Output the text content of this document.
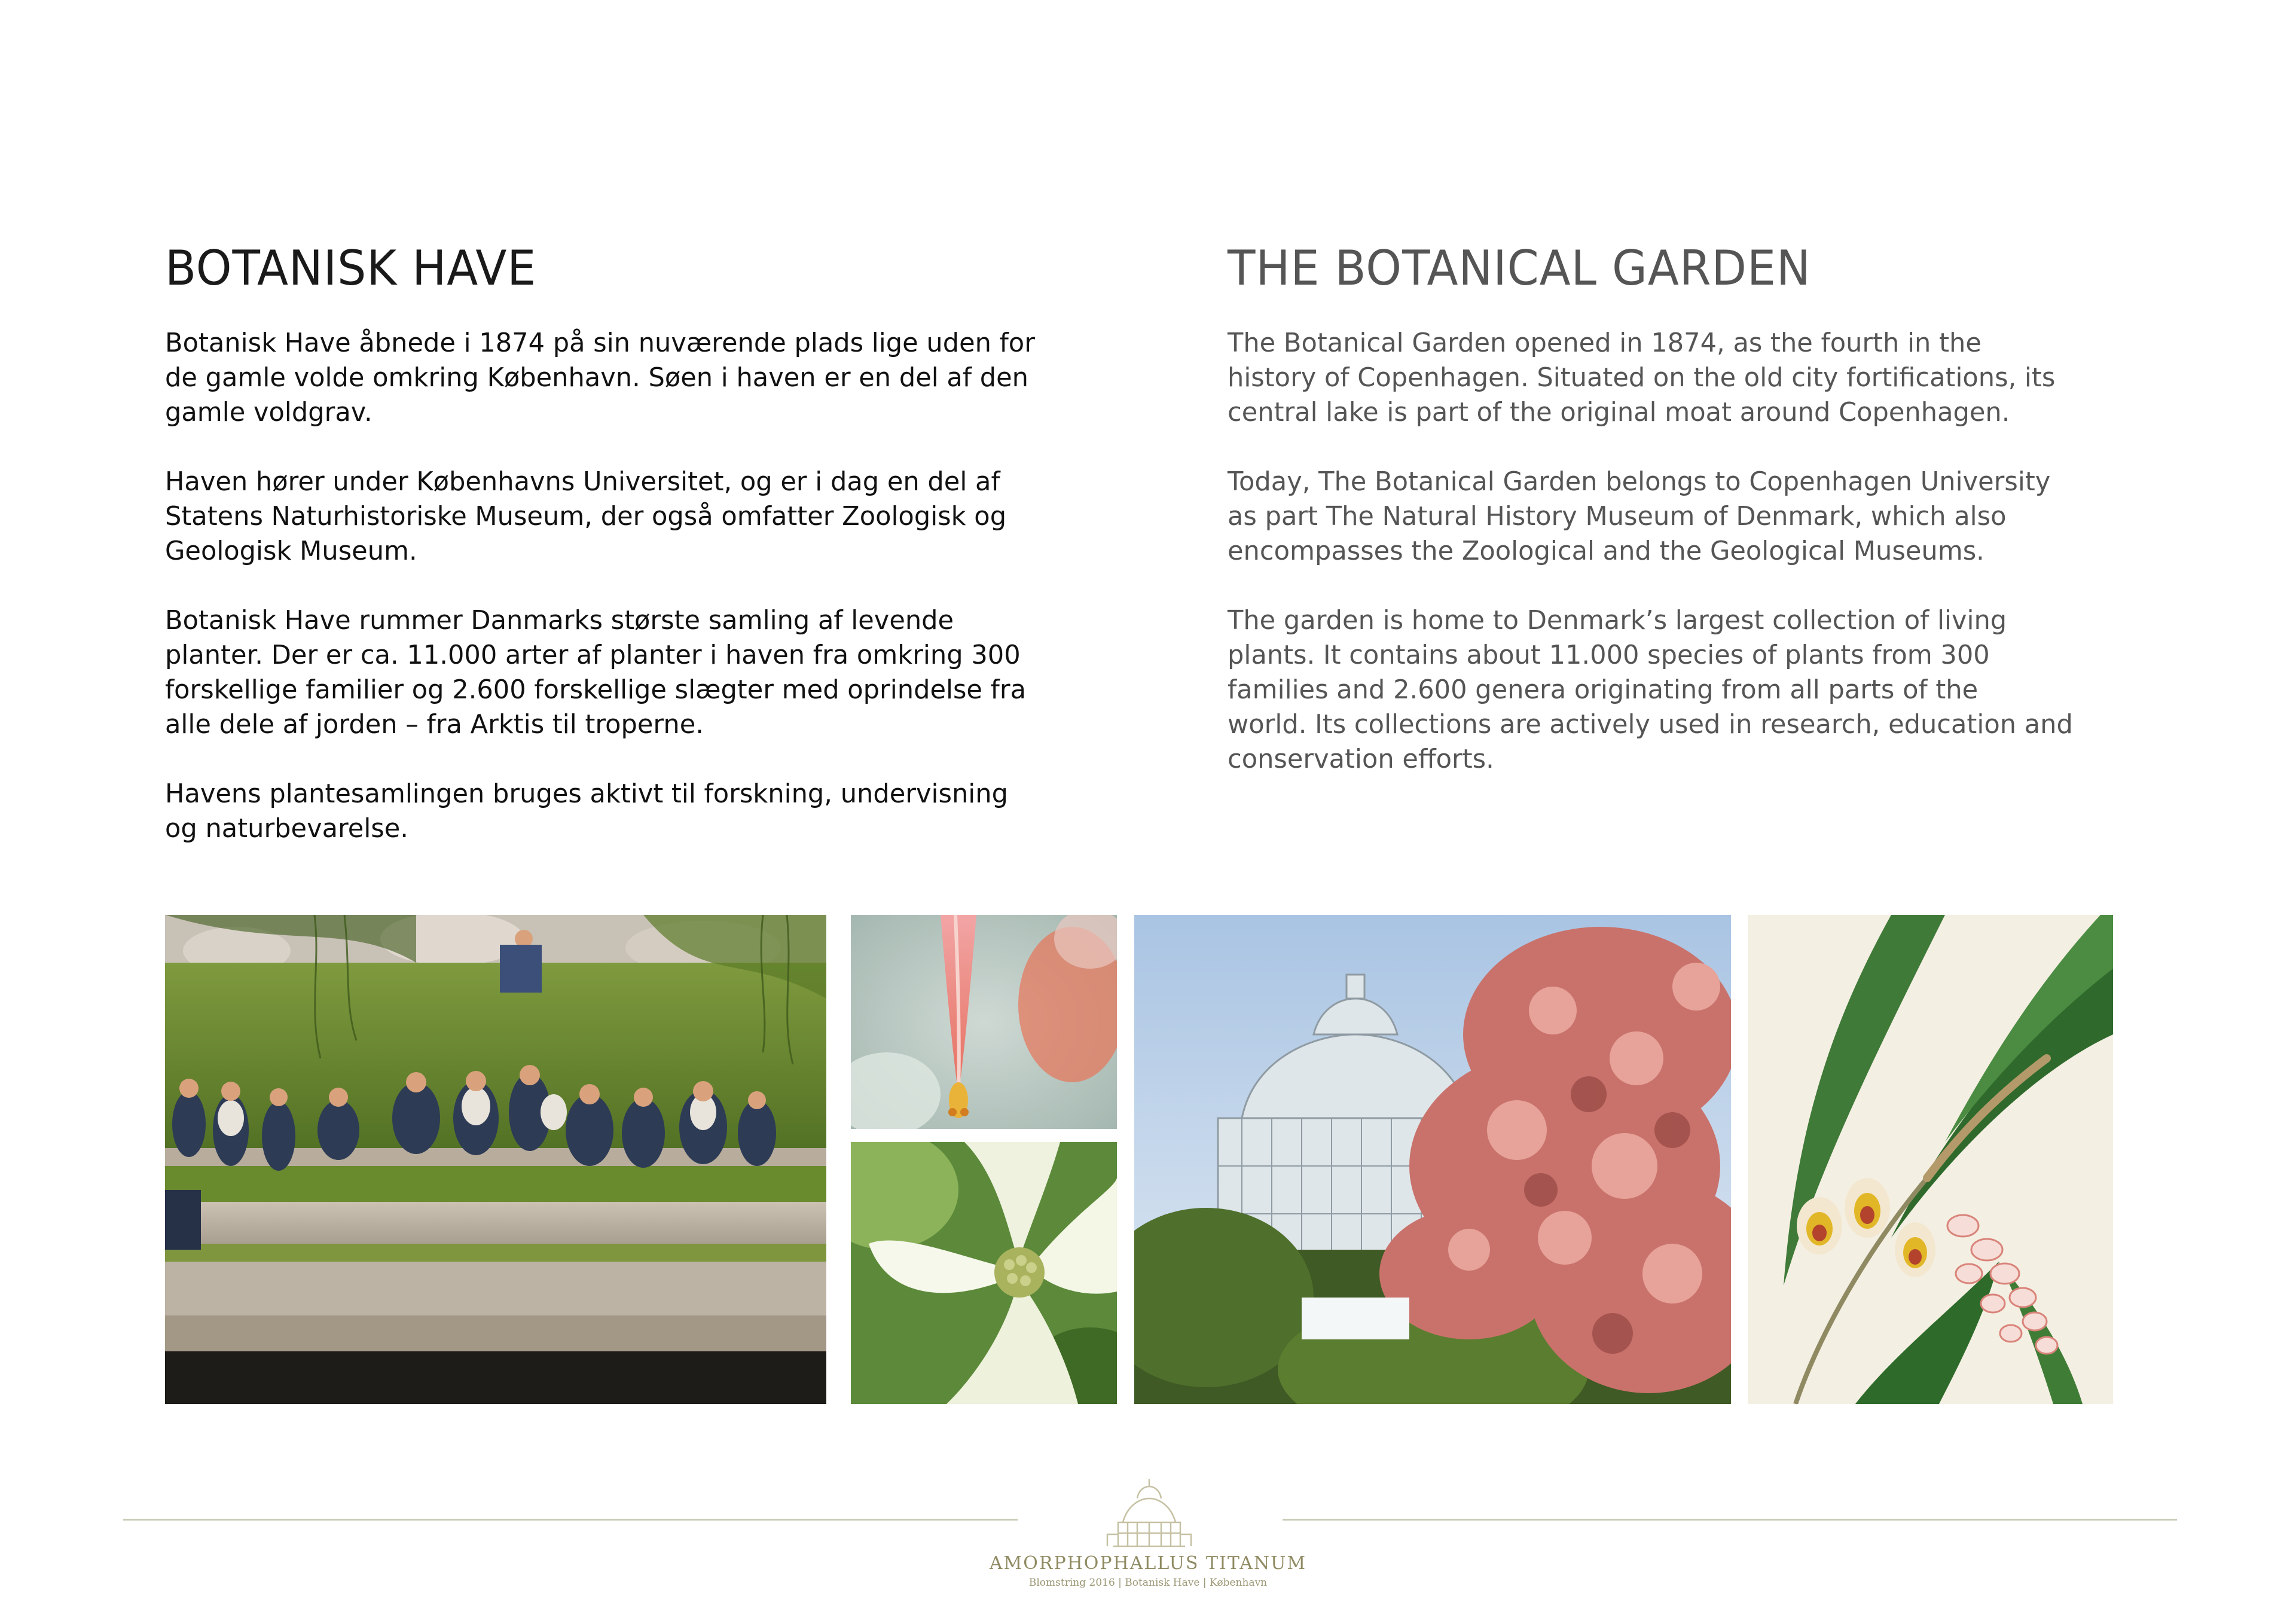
BOTANISK HAVE

Botanisk Have åbnede i 1874 på sin nuværende plads lige uden for
de gamle volde omkring København. Søen i haven er en del af den
gamle voldgrav.

Haven hører under Københavns Universitet, og er i dag en del af
Statens Naturhistoriske Museum, der også omfatter Zoologisk og
Geologisk Museum.

Botanisk Have rummer Danmarks største samling af levende
planter. Der er ca. 11.000 arter af planter i haven fra omkring 300
forskellige familier og 2.600 forskellige slægter med oprindelse fra
alle dele af jorden – fra Arktis til troperne.

Havens plantesamlingen bruges aktivt til forskning, undervisning
og naturbevarelse.

THE BOTANICAL GARDEN

The Botanical Garden opened in 1874, as the fourth in the
history of Copenhagen. Situated on the old city fortifications, its
central lake is part of the original moat around Copenhagen.

Today, The Botanical Garden belongs to Copenhagen University
as part The Natural History Museum of Denmark, which also
encompasses the Zoological and the Geological Museums.

The garden is home to Denmark’s largest collection of living
plants. It contains about 11.000 species of plants from 300
families and 2.600 genera originating from all parts of the
world. Its collections are actively used in research, education and
conservation efforts.

AMORPHOPHALLUS TITANUM
Blomstring 2016 | Botanisk Have | København
